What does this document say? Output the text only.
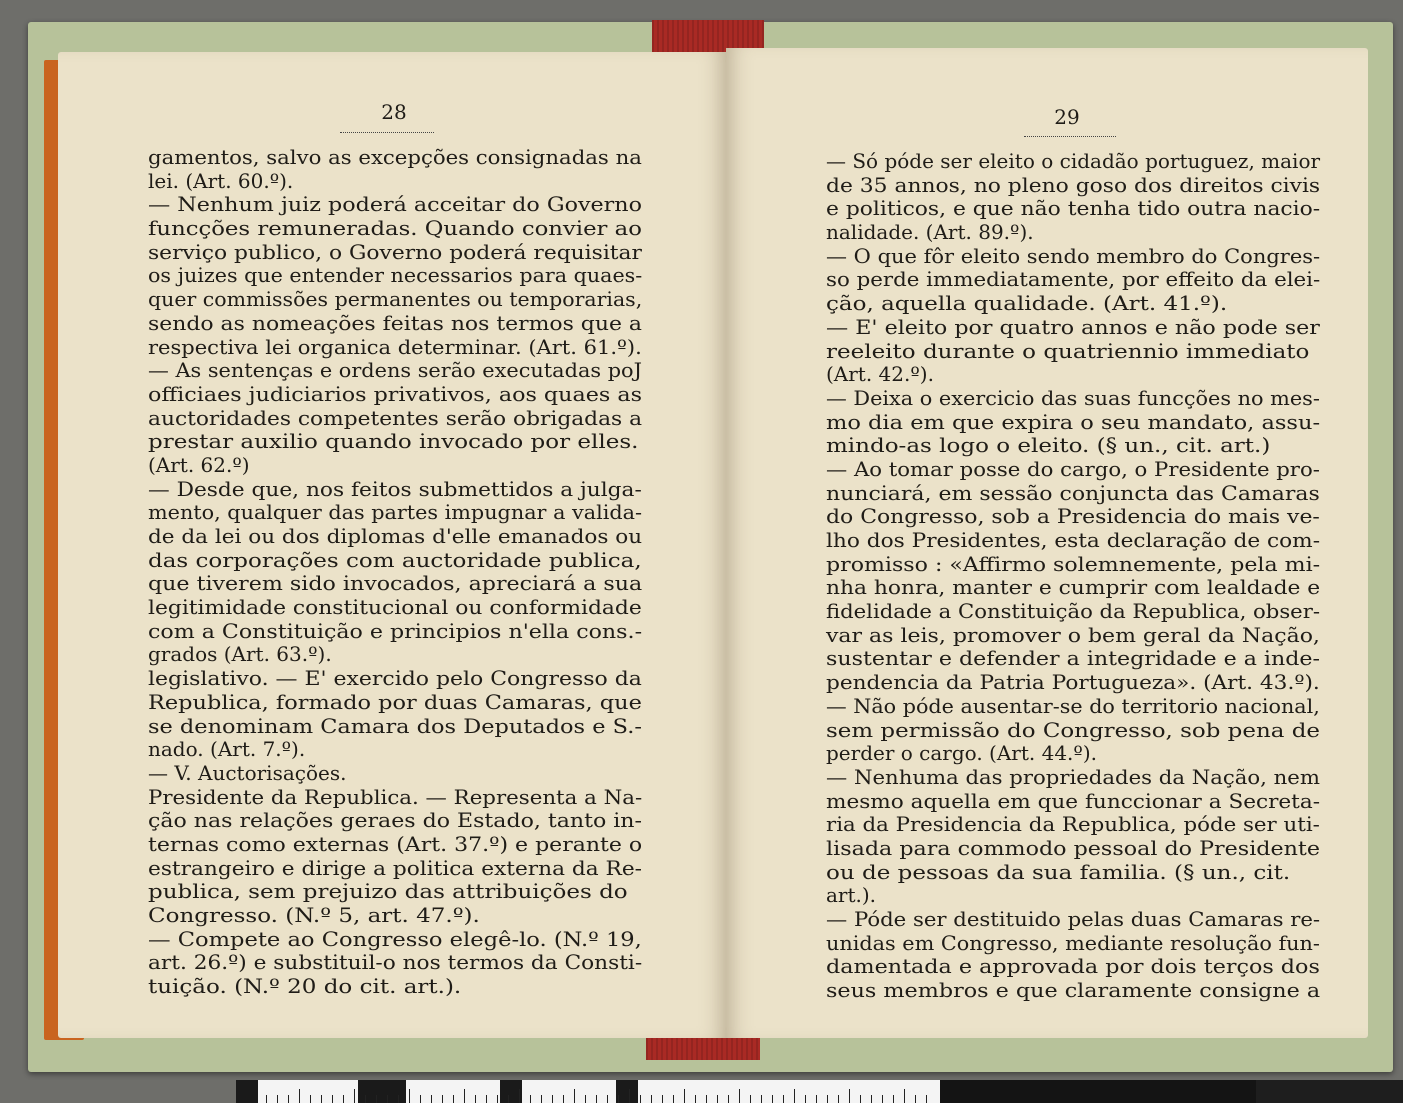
28
gamentos, salvo as excepções consignadas na
lei. (Art. 60.º).
— Nenhum juiz poderá acceitar do Governo
funcções remuneradas. Quando convier ao
serviço publico, o Governo poderá requisitar
os juizes que entender necessarios para quaes-
quer commissões permanentes ou temporarias,
sendo as nomeações feitas nos termos que a
respectiva lei organica determinar. (Art. 61.º).
— As sentenças e ordens serão executadas poJ
officiaes judiciarios privativos, aos quaes as
auctoridades competentes serão obrigadas a
prestar auxilio quando invocado por elles.
(Art. 62.º)
— Desde que, nos feitos submettidos a julga-
mento, qualquer das partes impugnar a valida-
de da lei ou dos diplomas d'elle emanados ou
das corporações com auctoridade publica,
que tiverem sido invocados, apreciará a sua
legitimidade constitucional ou conformidade
com a Constituição e principios n'ella cons.-
grados (Art. 63.º).
legislativo. — E' exercido pelo Congresso da
Republica, formado por duas Camaras, que
se denominam Camara dos Deputados e S.-
nado. (Art. 7.º).
— V. Auctorisações.
Presidente da Republica. — Representa a Na-
ção nas relações geraes do Estado, tanto in-
ternas como externas (Art. 37.º) e perante o
estrangeiro e dirige a politica externa da Re-
publica, sem prejuizo das attribuições do
Congresso. (N.º 5, art. 47.º).
— Compete ao Congresso elegê-lo. (N.º 19,
art. 26.º) e substituil-o nos termos da Consti-
tuição. (N.º 20 do cit. art.).
29
— Só póde ser eleito o cidadão portuguez, maior
de 35 annos, no pleno goso dos direitos civis
e politicos, e que não tenha tido outra nacio-
nalidade. (Art. 89.º).
— O que fôr eleito sendo membro do Congres-
so perde immediatamente, por effeito da elei-
ção, aquella qualidade. (Art. 41.º).
— E' eleito por quatro annos e não pode ser
reeleito durante o quatriennio immediato
(Art. 42.º).
— Deixa o exercicio das suas funcções no mes-
mo dia em que expira o seu mandato, assu-
mindo-as logo o eleito. (§ un., cit. art.)
— Ao tomar posse do cargo, o Presidente pro-
nunciará, em sessão conjuncta das Camaras
do Congresso, sob a Presidencia do mais ve-
lho dos Presidentes, esta declaração de com-
promisso : «Affirmo solemnemente, pela mi-
nha honra, manter e cumprir com lealdade e
fidelidade a Constituição da Republica, obser-
var as leis, promover o bem geral da Nação,
sustentar e defender a integridade e a inde-
pendencia da Patria Portugueza». (Art. 43.º).
— Não póde ausentar-se do territorio nacional,
sem permissão do Congresso, sob pena de
perder o cargo. (Art. 44.º).
— Nenhuma das propriedades da Nação, nem
mesmo aquella em que funccionar a Secreta-
ria da Presidencia da Republica, póde ser uti-
lisada para commodo pessoal do Presidente
ou de pessoas da sua familia. (§ un., cit.
art.).
— Póde ser destituido pelas duas Camaras re-
unidas em Congresso, mediante resolução fun-
damentada e approvada por dois terços dos
seus membros e que claramente consigne a
